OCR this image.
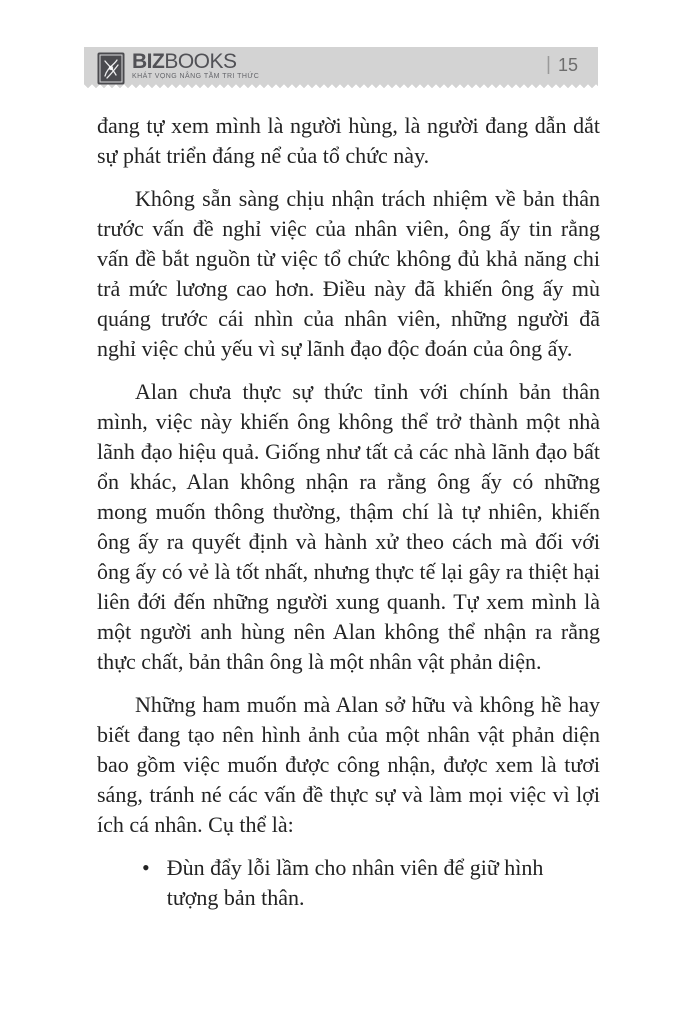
BIZBOOKS
KHÁT VỌNG NÂNG TẦM TRI THỨC
| 15

đang tự xem mình là người hùng, là người đang dẫn dắt sự phát triển đáng nể của tổ chức này.

Không sẵn sàng chịu nhận trách nhiệm về bản thân trước vấn đề nghỉ việc của nhân viên, ông ấy tin rằng vấn đề bắt nguồn từ việc tổ chức không đủ khả năng chi trả mức lương cao hơn. Điều này đã khiến ông ấy mù quáng trước cái nhìn của nhân viên, những người đã nghỉ việc chủ yếu vì sự lãnh đạo độc đoán của ông ấy.

Alan chưa thực sự thức tỉnh với chính bản thân mình, việc này khiến ông không thể trở thành một nhà lãnh đạo hiệu quả. Giống như tất cả các nhà lãnh đạo bất ổn khác, Alan không nhận ra rằng ông ấy có những mong muốn thông thường, thậm chí là tự nhiên, khiến ông ấy ra quyết định và hành xử theo cách mà đối với ông ấy có vẻ là tốt nhất, nhưng thực tế lại gây ra thiệt hại liên đới đến những người xung quanh. Tự xem mình là một người anh hùng nên Alan không thể nhận ra rằng thực chất, bản thân ông là một nhân vật phản diện.

Những ham muốn mà Alan sở hữu và không hề hay biết đang tạo nên hình ảnh của một nhân vật phản diện bao gồm việc muốn được công nhận, được xem là tươi sáng, tránh né các vấn đề thực sự và làm mọi việc vì lợi ích cá nhân. Cụ thể là:

• Đùn đẩy lỗi lầm cho nhân viên để giữ hình tượng bản thân.
